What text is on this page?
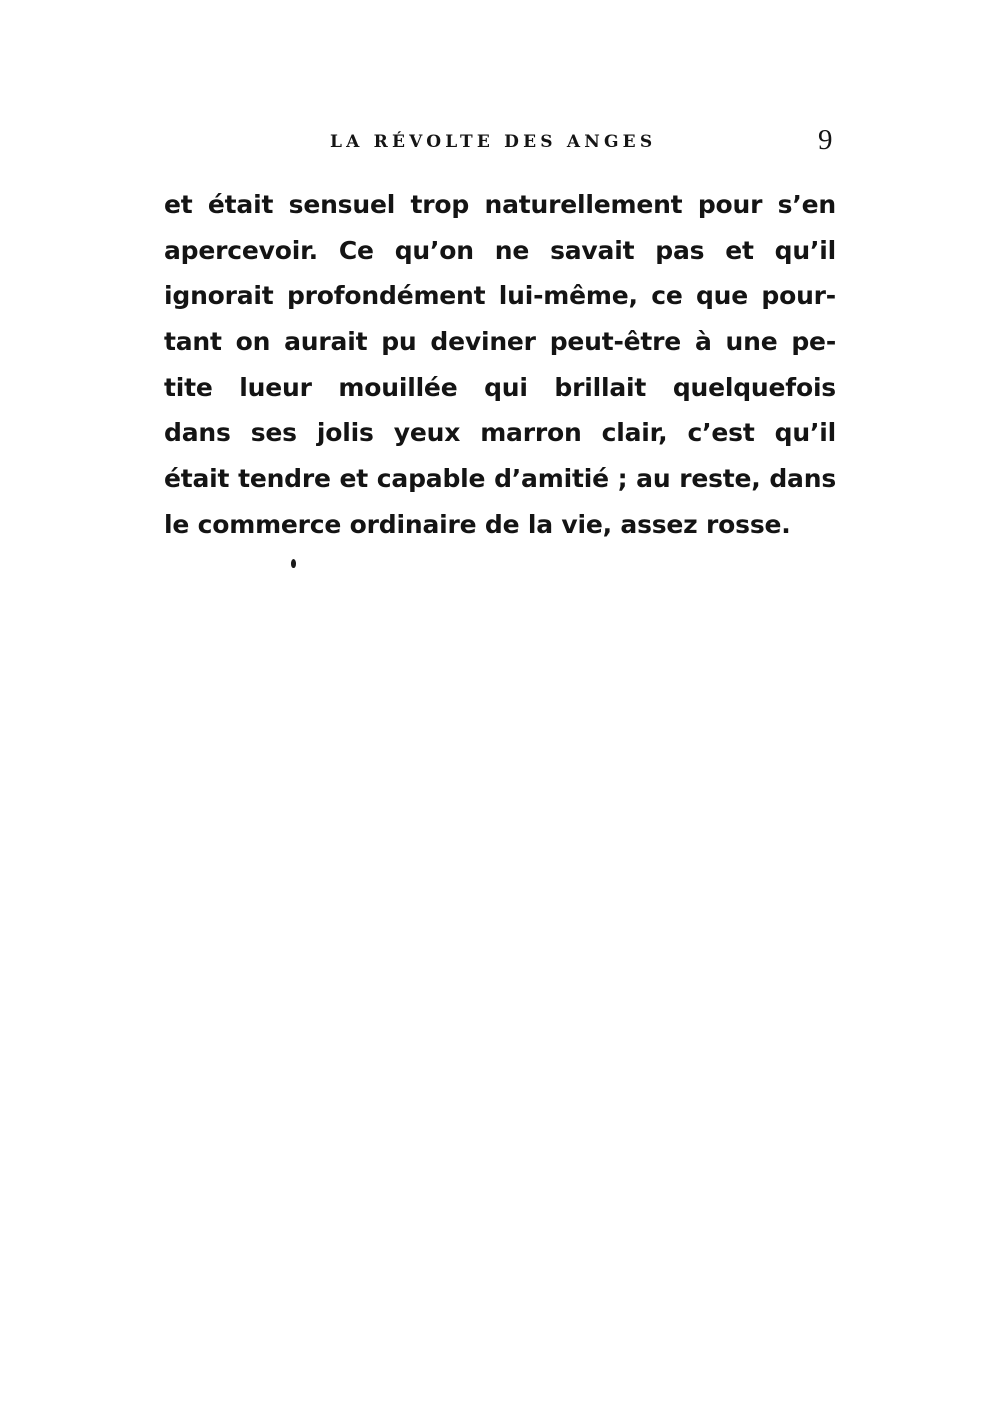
LA RÉVOLTE DES ANGES	9
et était sensuel trop naturellement pour s’en
apercevoir. Ce qu’on ne savait pas et qu’il
ignorait profondément lui-même, ce que pour-
tant on aurait pu deviner peut-être à une pe-
tite lueur mouillée qui brillait quelquefois
dans ses jolis yeux marron clair, c’est qu’il
était tendre et capable d’amitié ; au reste, dans
le commerce ordinaire de la vie, assez rosse.
